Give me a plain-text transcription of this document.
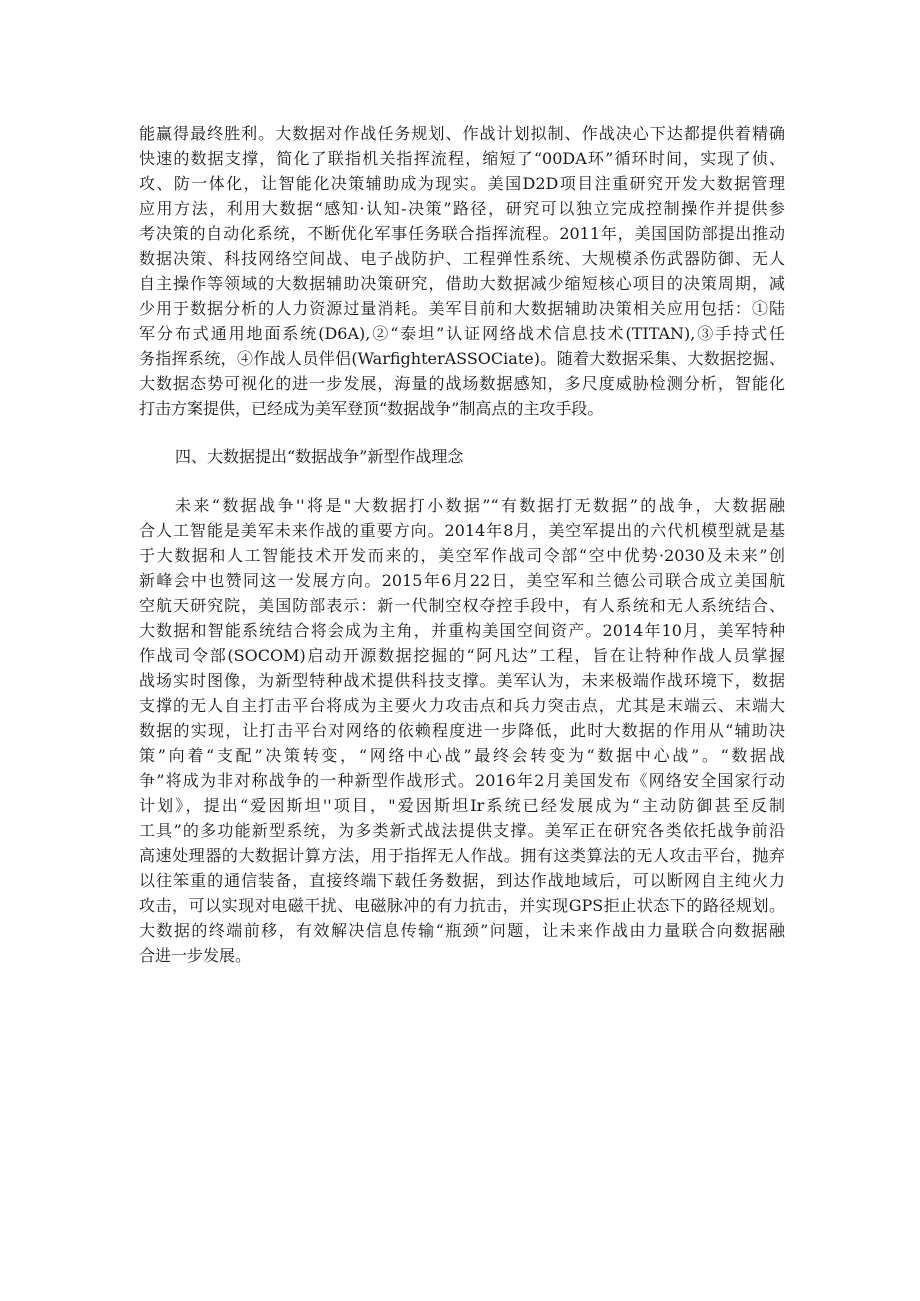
能赢得最终胜利。大数据对作战任务规划、作战计划拟制、作战决心下达都提供着精确
快速的数据支撑，简化了联指机关指挥流程，缩短了“00DA环”循环时间，实现了侦、
攻、防一体化，让智能化决策辅助成为现实。美国D2D项目注重研究开发大数据管理
应用方法，利用大数据“感知·认知-决策”路径，研究可以独立完成控制操作并提供参
考决策的自动化系统，不断优化军事任务联合指挥流程。2011年，美国国防部提出推动
数据决策、科技网络空间战、电子战防护、工程弹性系统、大规模杀伤武器防御、无人
自主操作等领域的大数据辅助决策研究，借助大数据减少缩短核心项目的决策周期，减
少用于数据分析的人力资源过量消耗。美军目前和大数据辅助决策相关应用包括：①陆
军分布式通用地面系统(D6A),②“泰坦”认证网络战术信息技术(TITAN),③手持式任
务指挥系统，④作战人员伴侣(WarfighterASSOCiate)。随着大数据采集、大数据挖掘、
大数据态势可视化的进一步发展，海量的战场数据感知，多尺度威胁检测分析，智能化
打击方案提供，已经成为美军登顶“数据战争”制高点的主攻手段。
四、大数据提出“数据战争”新型作战理念
未来“数据战争''将是"大数据打小数据”“有数据打无数据”的战争，大数据融
合人工智能是美军未来作战的重要方向。2014年8月，美空军提出的六代机模型就是基
于大数据和人工智能技术开发而来的，美空军作战司令部“空中优势·2030及未来”创
新峰会中也赞同这一发展方向。2015年6月22日，美空军和兰德公司联合成立美国航
空航天研究院，美国防部表示：新一代制空权夺控手段中，有人系统和无人系统结合、
大数据和智能系统结合将会成为主角，并重构美国空间资产。2014年10月，美军特种
作战司令部(SOCOM)启动开源数据挖掘的“阿凡达”工程，旨在让特种作战人员掌握
战场实时图像，为新型特种战术提供科技支撑。美军认为，未来极端作战环境下，数据
支撑的无人自主打击平台将成为主要火力攻击点和兵力突击点，尤其是末端云、末端大
数据的实现，让打击平台对网络的依赖程度进一步降低，此时大数据的作用从“辅助决
策”向着“支配”决策转变，“网络中心战”最终会转变为“数据中心战”。“数据战
争”将成为非对称战争的一种新型作战形式。2016年2月美国发布《网络安全国家行动
计划》，提出“爱因斯坦''项目，"爱因斯坦Ir系统已经发展成为“主动防御甚至反制
工具”的多功能新型系统，为多类新式战法提供支撑。美军正在研究各类依托战争前沿
高速处理器的大数据计算方法，用于指挥无人作战。拥有这类算法的无人攻击平台，抛弃
以往笨重的通信装备，直接终端下载任务数据，到达作战地域后，可以断网自主纯火力
攻击，可以实现对电磁干扰、电磁脉冲的有力抗击，并实现GPS拒止状态下的路径规划。
大数据的终端前移，有效解决信息传输“瓶颈”问题，让未来作战由力量联合向数据融
合进一步发展。
